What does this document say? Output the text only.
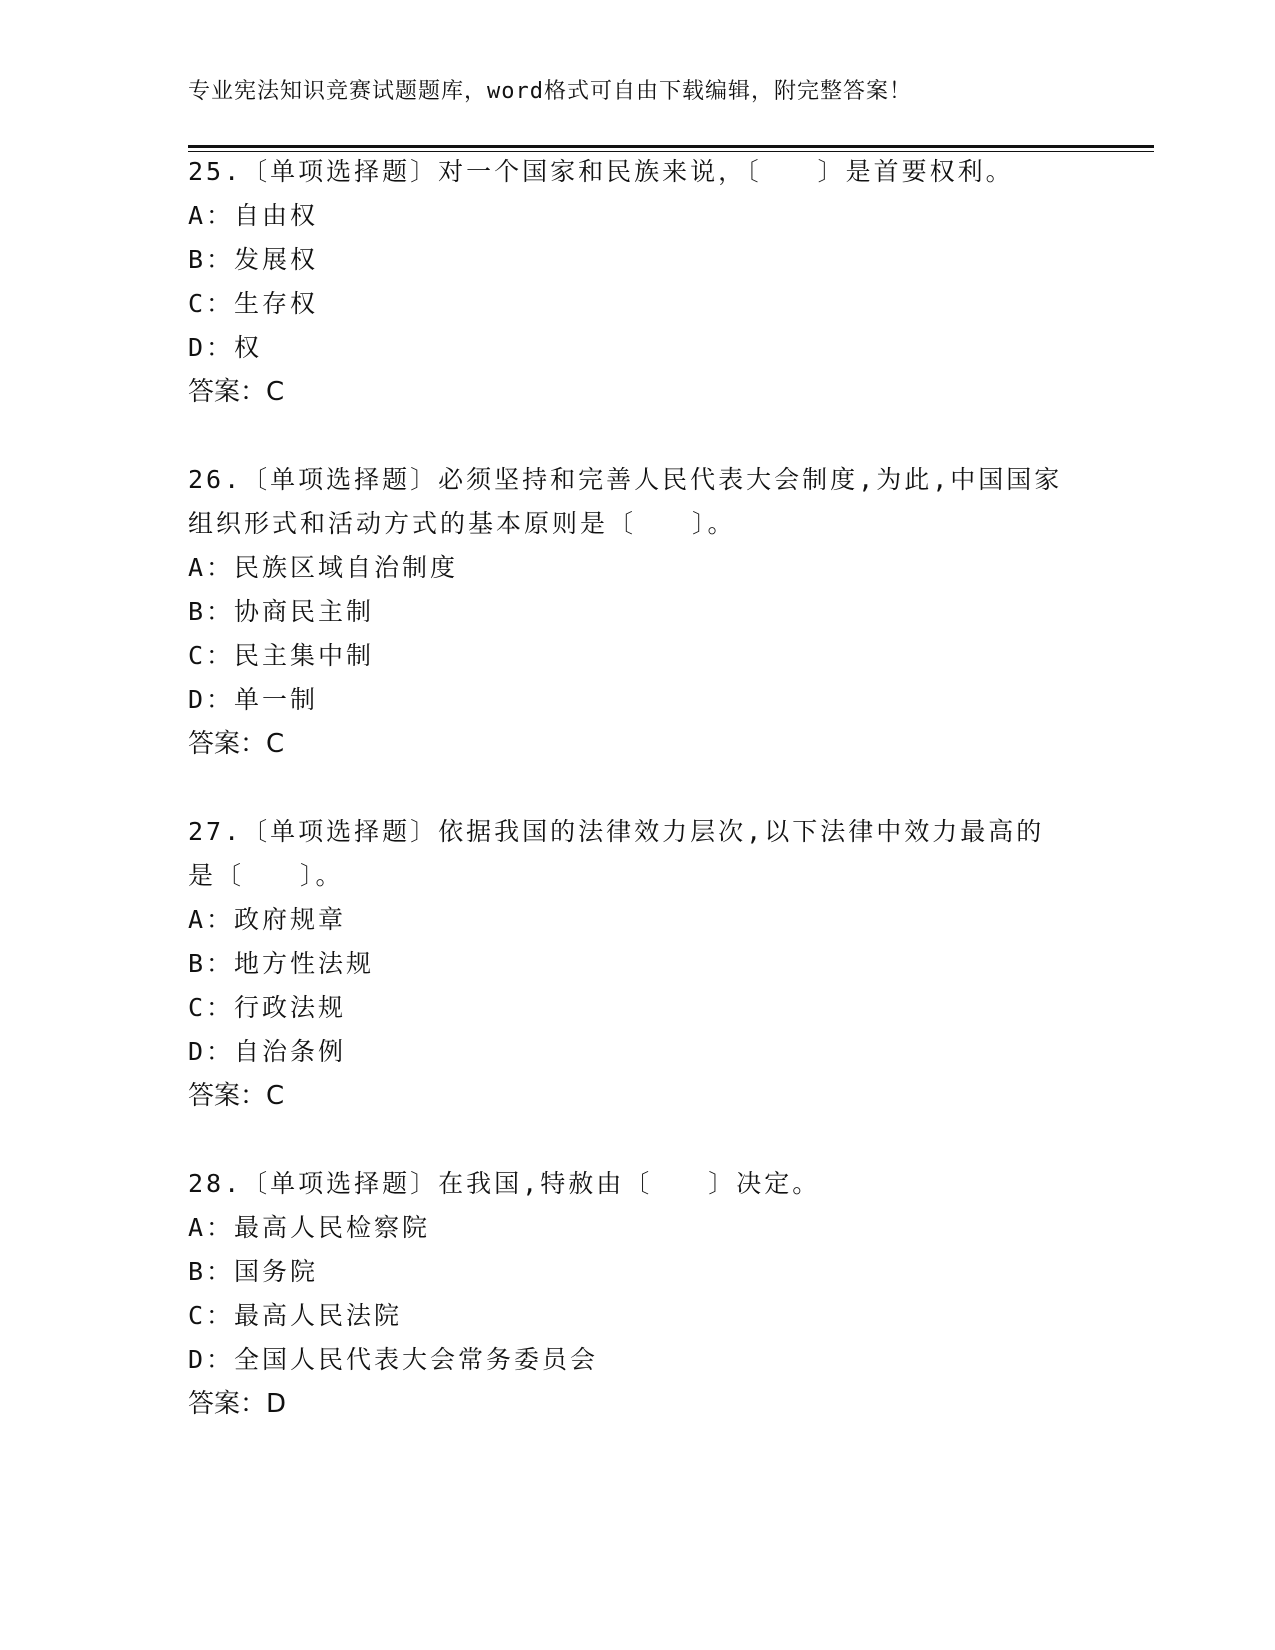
专业宪法知识竞赛试题题库，word格式可自由下载编辑，附完整答案！
25.〔单项选择题〕对一个国家和民族来说，〔　　〕是首要权利。
A：自由权
B：发展权
C：生存权
D：权
答案：C
26.〔单项选择题〕必须坚持和完善人民代表大会制度,为此,中国国家
组织形式和活动方式的基本原则是〔　　〕。
A：民族区域自治制度
B：协商民主制
C：民主集中制
D：单一制
答案：C
27.〔单项选择题〕依据我国的法律效力层次,以下法律中效力最高的
是〔　　〕。
A：政府规章
B：地方性法规
C：行政法规
D：自治条例
答案：C
28.〔单项选择题〕在我国,特赦由〔　　〕决定。
A：最高人民检察院
B：国务院
C：最高人民法院
D：全国人民代表大会常务委员会
答案：D
